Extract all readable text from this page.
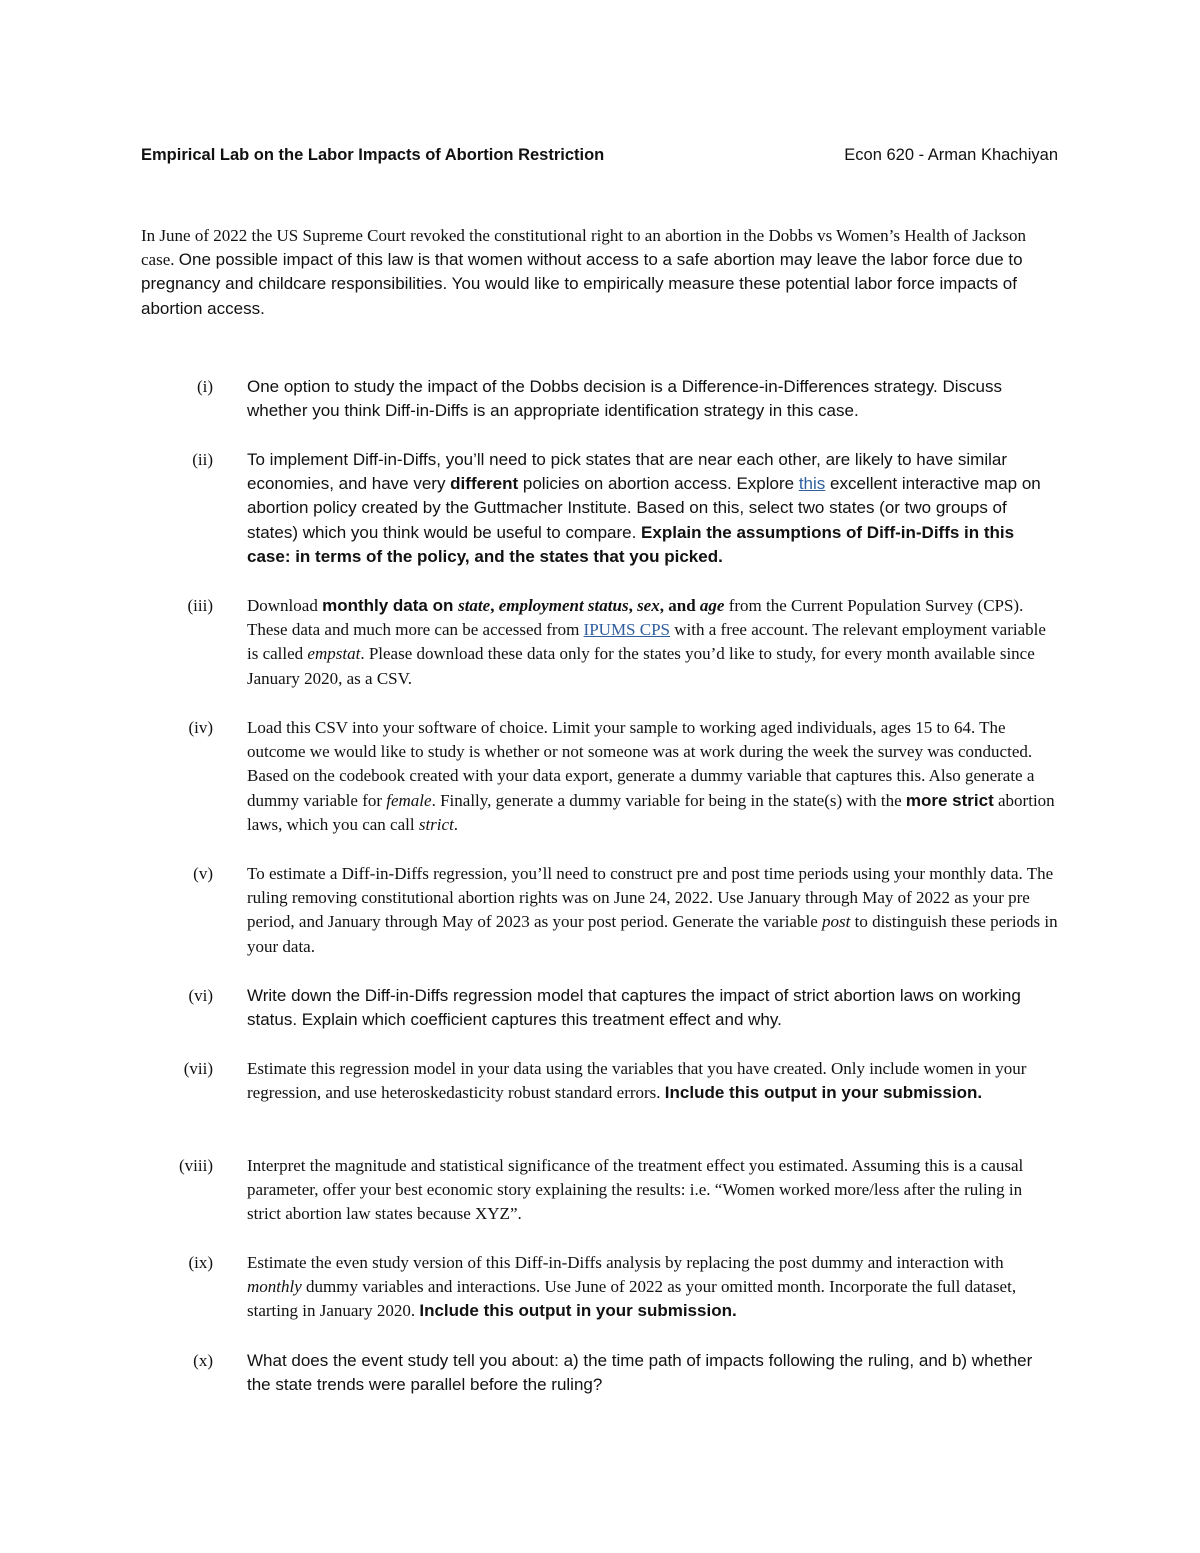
Empirical Lab on the Labor Impacts of Abortion Restriction	Econ 620 - Arman Khachiyan

In June of 2022 the US Supreme Court revoked the constitutional right to an abortion in the Dobbs vs Women’s Health of Jackson case. One possible impact of this law is that women without access to a safe abortion may leave the labor force due to pregnancy and childcare responsibilities. You would like to empirically measure these potential labor force impacts of abortion access.

(i) One option to study the impact of the Dobbs decision is a Difference-in-Differences strategy. Discuss whether you think Diff-in-Diffs is an appropriate identification strategy in this case.

(ii) To implement Diff-in-Diffs, you’ll need to pick states that are near each other, are likely to have similar economies, and have very different policies on abortion access. Explore this excellent interactive map on abortion policy created by the Guttmacher Institute. Based on this, select two states (or two groups of states) which you think would be useful to compare. Explain the assumptions of Diff-in-Diffs in this case: in terms of the policy, and the states that you picked.

(iii) Download monthly data on state, employment status, sex, and age from the Current Population Survey (CPS). These data and much more can be accessed from IPUMS CPS with a free account. The relevant employment variable is called empstat. Please download these data only for the states you’d like to study, for every month available since January 2020, as a CSV.

(iv) Load this CSV into your software of choice. Limit your sample to working aged individuals, ages 15 to 64. The outcome we would like to study is whether or not someone was at work during the week the survey was conducted. Based on the codebook created with your data export, generate a dummy variable that captures this. Also generate a dummy variable for female. Finally, generate a dummy variable for being in the state(s) with the more strict abortion laws, which you can call strict.

(v) To estimate a Diff-in-Diffs regression, you’ll need to construct pre and post time periods using your monthly data. The ruling removing constitutional abortion rights was on June 24, 2022. Use January through May of 2022 as your pre period, and January through May of 2023 as your post period. Generate the variable post to distinguish these periods in your data.

(vi) Write down the Diff-in-Diffs regression model that captures the impact of strict abortion laws on working status. Explain which coefficient captures this treatment effect and why.

(vii) Estimate this regression model in your data using the variables that you have created. Only include women in your regression, and use heteroskedasticity robust standard errors. Include this output in your submission.

(viii) Interpret the magnitude and statistical significance of the treatment effect you estimated. Assuming this is a causal parameter, offer your best economic story explaining the results: i.e. “Women worked more/less after the ruling in strict abortion law states because XYZ”.

(ix) Estimate the even study version of this Diff-in-Diffs analysis by replacing the post dummy and interaction with monthly dummy variables and interactions. Use June of 2022 as your omitted month. Incorporate the full dataset, starting in January 2020. Include this output in your submission.

(x) What does the event study tell you about: a) the time path of impacts following the ruling, and b) whether the state trends were parallel before the ruling?
